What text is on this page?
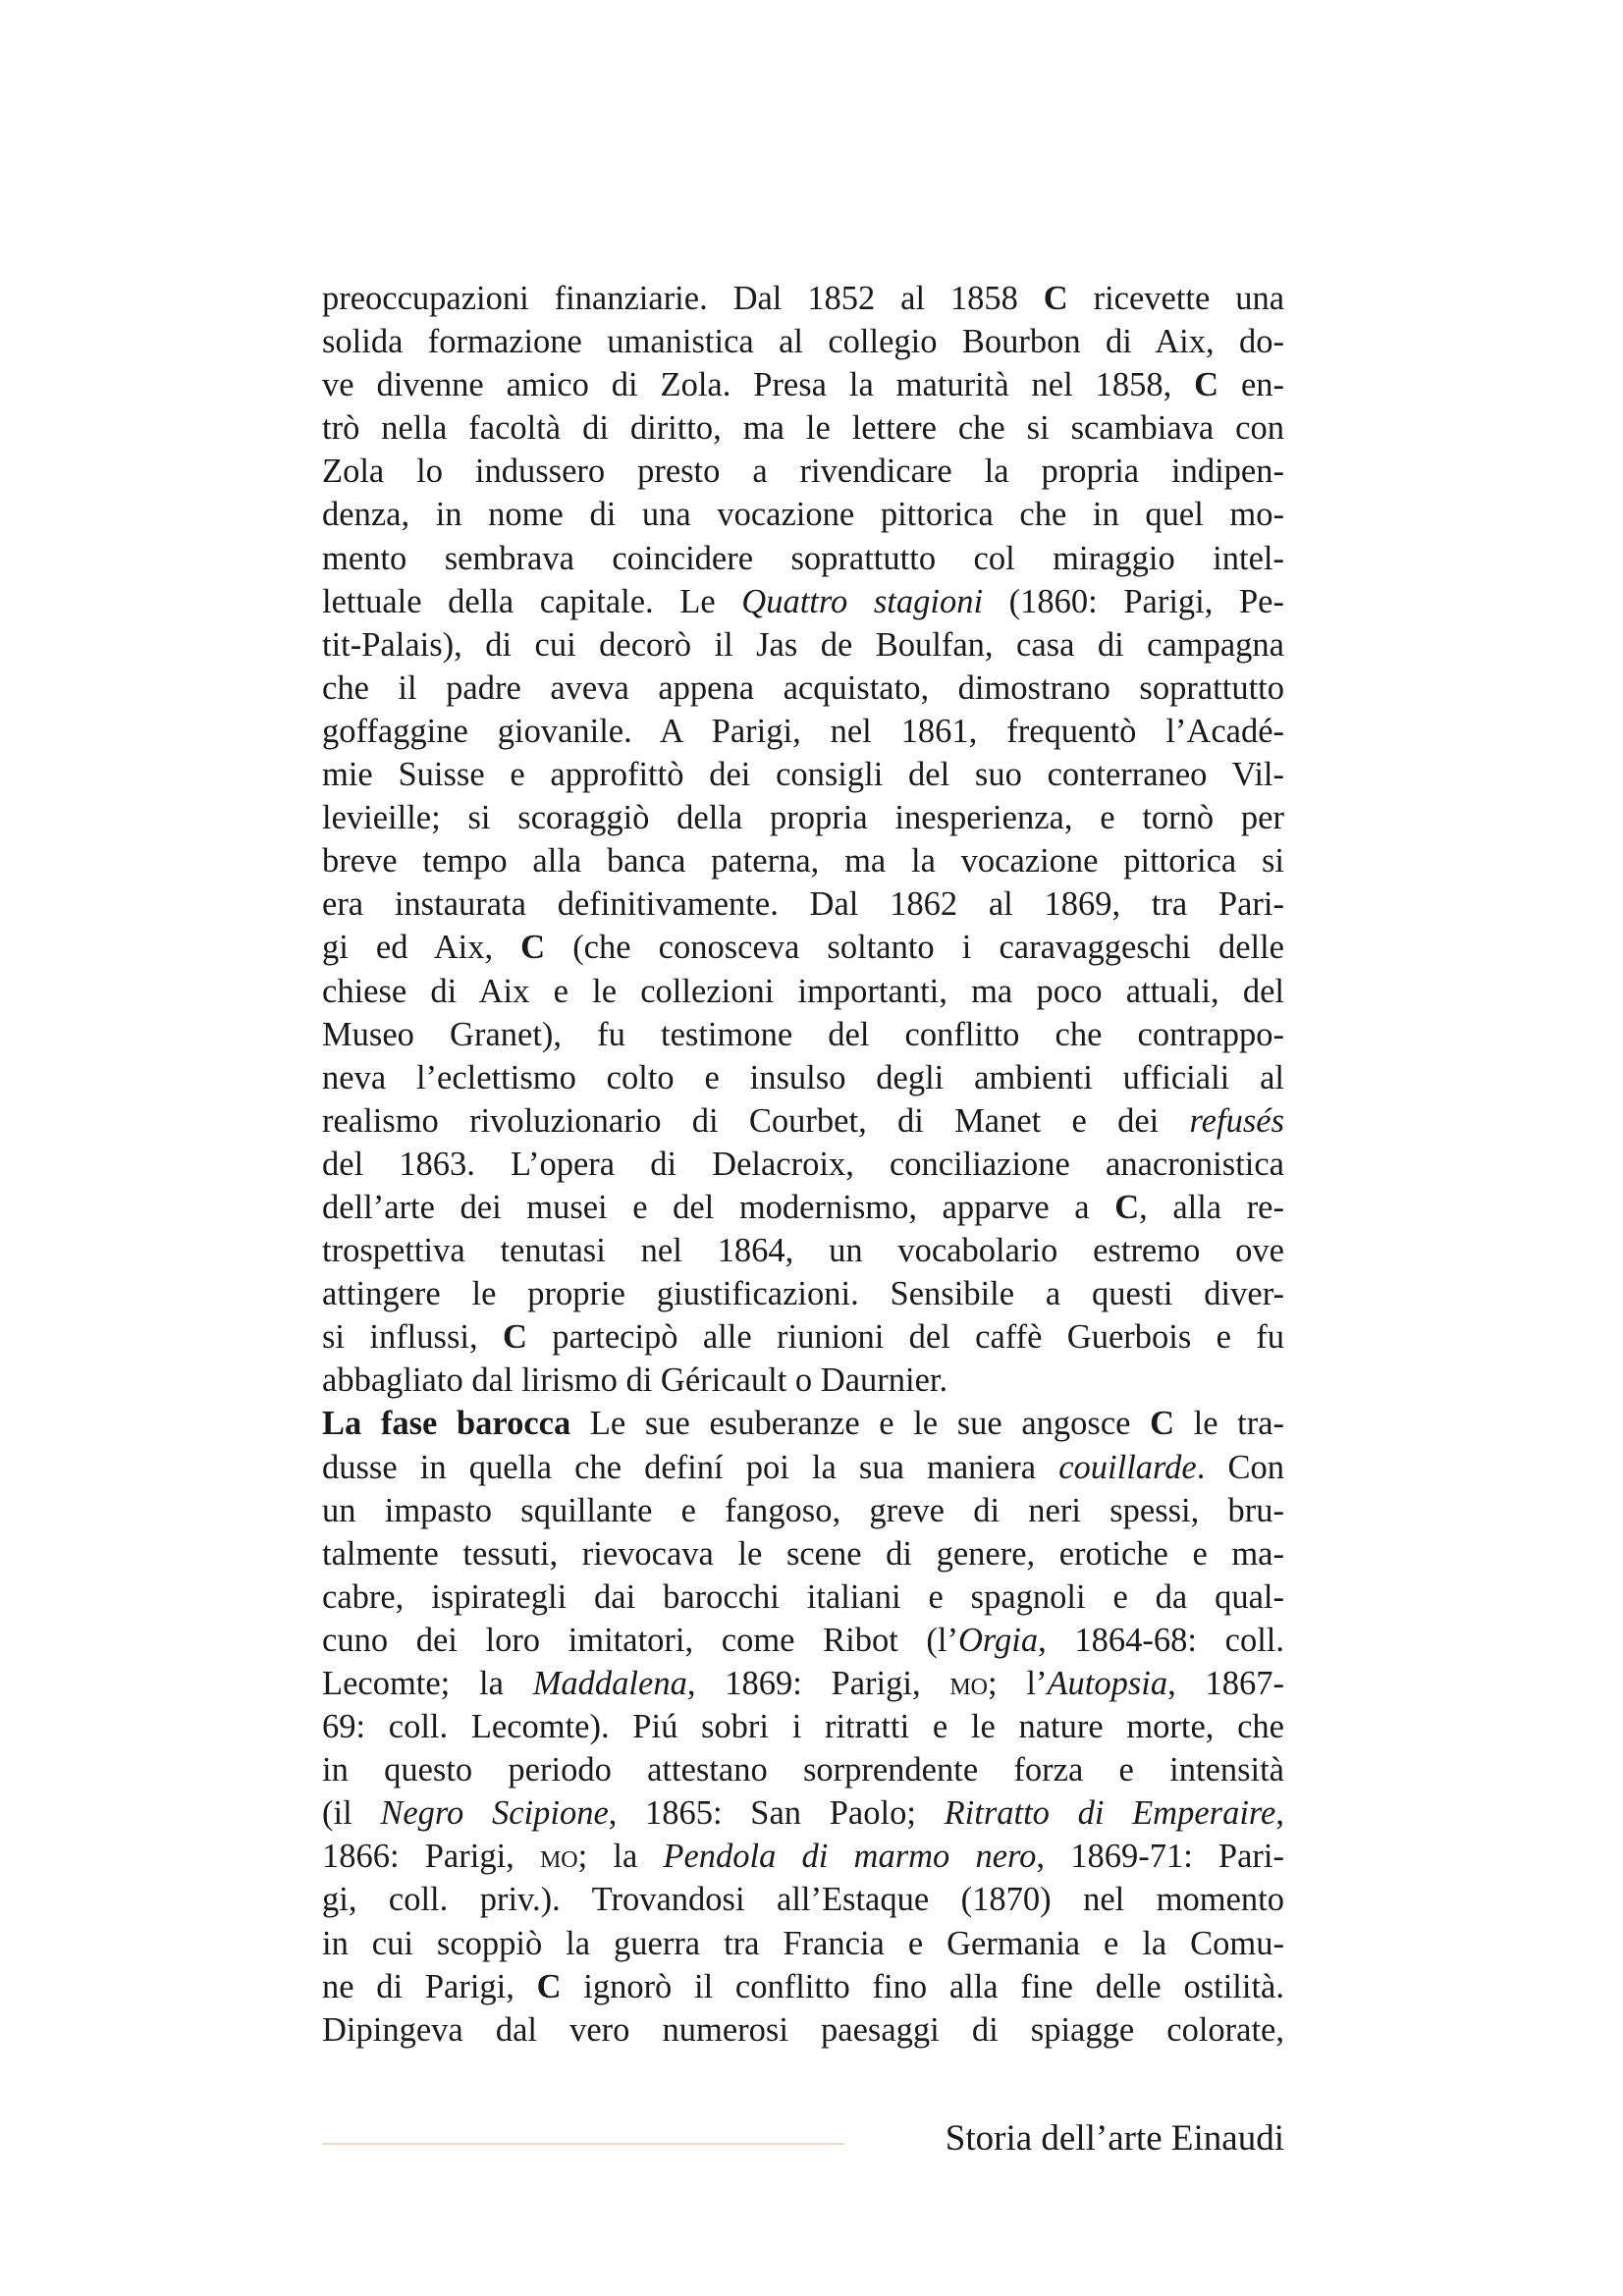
preoccupazioni finanziarie. Dal 1852 al 1858 C ricevette una
solida formazione umanistica al collegio Bourbon di Aix, do-
ve divenne amico di Zola. Presa la maturità nel 1858, C en-
trò nella facoltà di diritto, ma le lettere che si scambiava con
Zola lo indussero presto a rivendicare la propria indipen-
denza, in nome di una vocazione pittorica che in quel mo-
mento sembrava coincidere soprattutto col miraggio intel-
lettuale della capitale. Le Quattro stagioni (1860: Parigi, Pe-
tit-Palais), di cui decorò il Jas de Boulfan, casa di campagna
che il padre aveva appena acquistato, dimostrano soprattutto
goffaggine giovanile. A Parigi, nel 1861, frequentò l’Acadé-
mie Suisse e approfittò dei consigli del suo conterraneo Vil-
levieille; si scoraggiò della propria inesperienza, e tornò per
breve tempo alla banca paterna, ma la vocazione pittorica si
era instaurata definitivamente. Dal 1862 al 1869, tra Pari-
gi ed Aix, C (che conosceva soltanto i caravaggeschi delle
chiese di Aix e le collezioni importanti, ma poco attuali, del
Museo Granet), fu testimone del conflitto che contrappo-
neva l’eclettismo colto e insulso degli ambienti ufficiali al
realismo rivoluzionario di Courbet, di Manet e dei refusés
del 1863. L’opera di Delacroix, conciliazione anacronistica
dell’arte dei musei e del modernismo, apparve a C, alla re-
trospettiva tenutasi nel 1864, un vocabolario estremo ove
attingere le proprie giustificazioni. Sensibile a questi diver-
si influssi, C partecipò alle riunioni del caffè Guerbois e fu
abbagliato dal lirismo di Géricault o Daurnier.
La fase barocca Le sue esuberanze e le sue angosce C le tra-
dusse in quella che definí poi la sua maniera couillarde. Con
un impasto squillante e fangoso, greve di neri spessi, bru-
talmente tessuti, rievocava le scene di genere, erotiche e ma-
cabre, ispirategli dai barocchi italiani e spagnoli e da qual-
cuno dei loro imitatori, come Ribot (l’Orgia, 1864-68: coll.
Lecomte; la Maddalena, 1869: Parigi, mo; l’Autopsia, 1867-
69: coll. Lecomte). Piú sobri i ritratti e le nature morte, che
in questo periodo attestano sorprendente forza e intensità
(il Negro Scipione, 1865: San Paolo; Ritratto di Emperaire,
1866: Parigi, mo; la Pendola di marmo nero, 1869-71: Pari-
gi, coll. priv.). Trovandosi all’Estaque (1870) nel momento
in cui scoppiò la guerra tra Francia e Germania e la Comu-
ne di Parigi, C ignorò il conflitto fino alla fine delle ostilità.
Dipingeva dal vero numerosi paesaggi di spiagge colorate,
Storia dell’arte Einaudi
